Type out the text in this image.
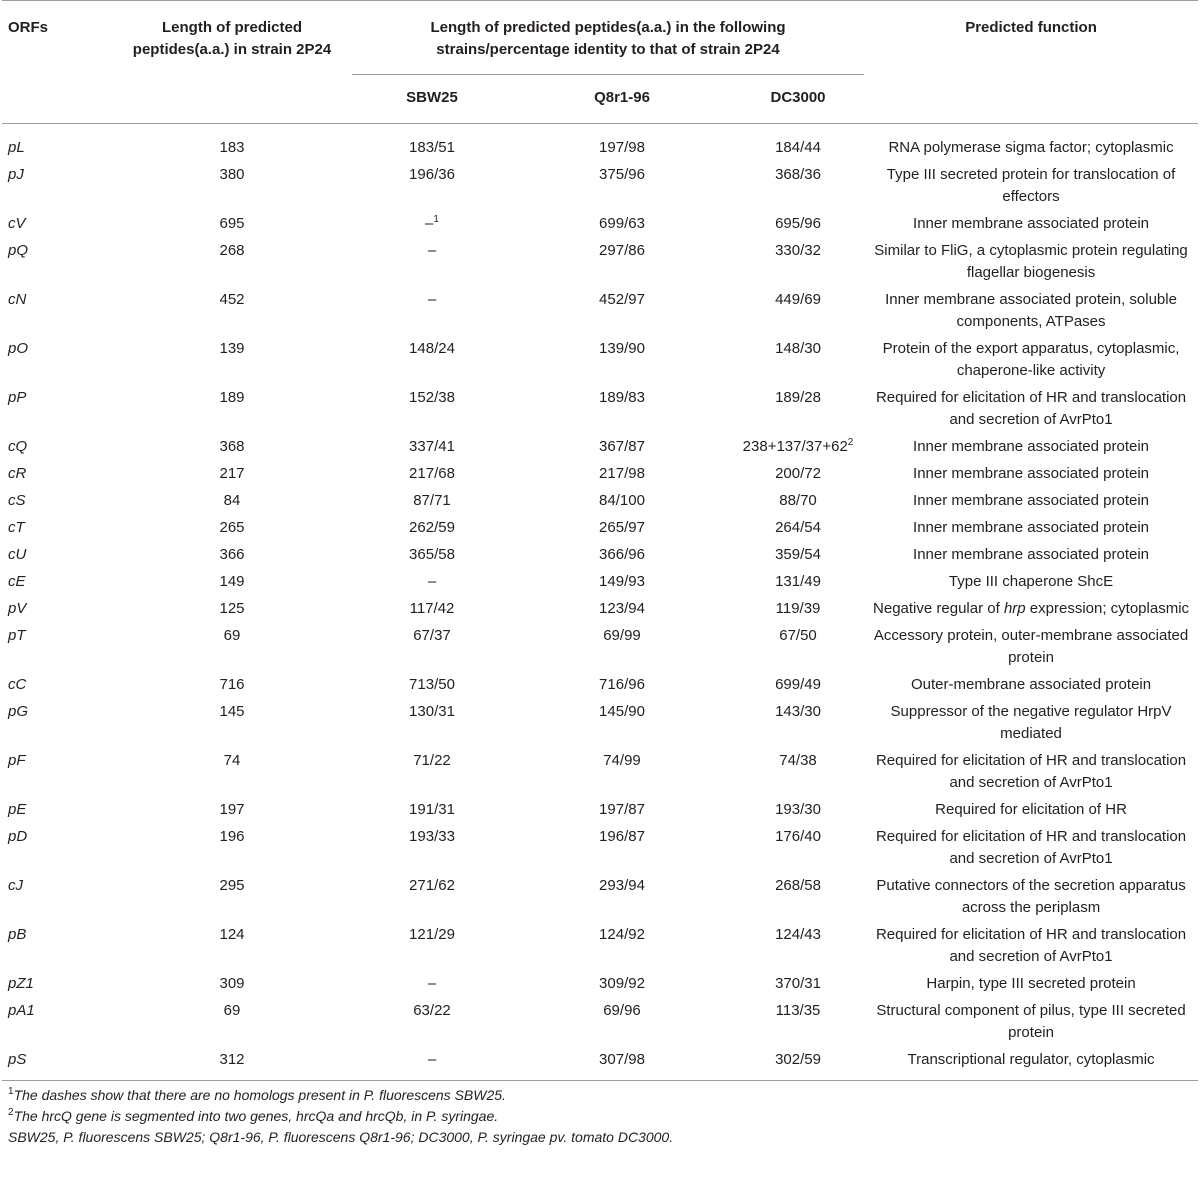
ORFs	Length of predicted peptides(a.a.) in strain 2P24	Length of predicted peptides(a.a.) in the following strains/percentage identity to that of strain 2P24			Predicted function

		SBW25	Q8r1-96	DC3000	
pL	183	183/51	197/98	184/44	RNA polymerase sigma factor; cytoplasmic
pJ	380	196/36	375/96	368/36	Type III secreted protein for translocation of effectors
cV	695	–$^1$	699/63	695/96	Inner membrane associated protein
pQ	268	–	297/86	330/32	Similar to FliG, a cytoplasmic protein regulating flagellar biogenesis
cN	452	–	452/97	449/69	Inner membrane associated protein, soluble components, ATPases
pO	139	148/24	139/90	148/30	Protein of the export apparatus, cytoplasmic, chaperone-like activity
pP	189	152/38	189/83	189/28	Required for elicitation of HR and translocation and secretion of AvrPto1
cQ	368	337/41	367/87	$238+137/37+62^2$	Inner membrane associated protein
cR	217	217/68	217/98	200/72	Inner membrane associated protein
cS	84	87/71	84/100	88/70	Inner membrane associated protein
cT	265	262/59	265/97	264/54	Inner membrane associated protein
cU	366	365/58	366/96	359/54	Inner membrane associated protein
cE	149	–	149/93	131/49	Type III chaperone ShcE
pV	125	117/42	123/94	119/39	Negative regular of hrp expression; cytoplasmic
pT	69	67/37	69/99	67/50	Accessory protein, outer-membrane associated protein
cC	716	713/50	716/96	699/49	Outer-membrane associated protein
pG	145	130/31	145/90	143/30	Suppressor of the negative regulator HrpV mediated
pF	74	71/22	74/99	74/38	Required for elicitation of HR and translocation and secretion of AvrPto1
pE	197	191/31	197/87	193/30	Required for elicitation of HR
pD	196	193/33	196/87	176/40	Required for elicitation of HR and translocation and secretion of AvrPto1
cJ	295	271/62	293/94	268/58	Putative connectors of the secretion apparatus across the periplasm
pB	124	121/29	124/92	124/43	Required for elicitation of HR and translocation and secretion of AvrPto1
pZ1	309	–	309/92	370/31	Harpin, type III secreted protein
pA1	69	63/22	69/96	113/35	Structural component of pilus, type III secreted protein
pS	312	–	307/98	302/59	Transcriptional regulator, cytoplasmic
$^1$The dashes show that there are no homologs present in P. fluorescens SBW25.
$^2$The hrcQ gene is segmented into two genes, hrcQa and hrcQb, in P. syringae.
SBW25, P. fluorescens SBW25; Q8r1-96, P. fluorescens Q8r1-96; DC3000, P. syringae pv. tomato DC3000.
